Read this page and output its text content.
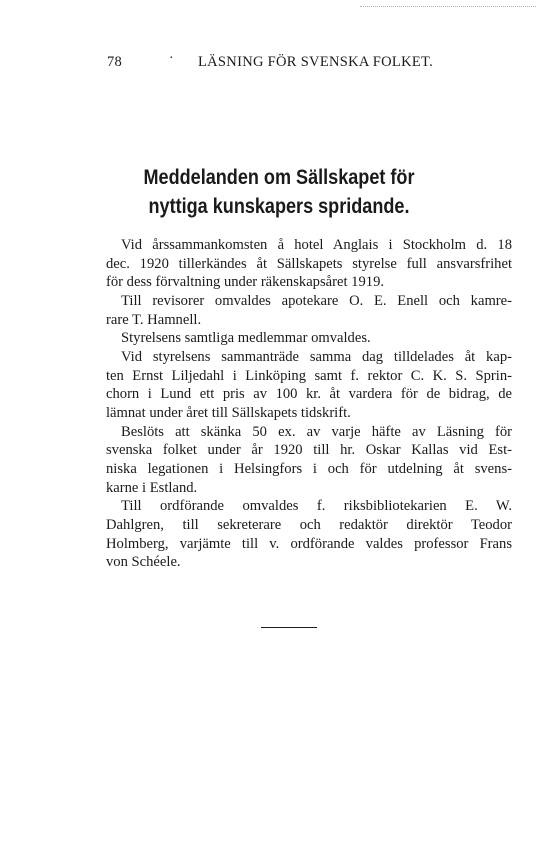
78	· LÄSNING FÖR SVENSKA FOLKET.
Meddelanden om Sällskapet för
nyttiga kunskapers spridande.
Vid årssammankomsten å hotel Anglais i Stockholm d. 18
dec. 1920 tillerkändes åt Sällskapets styrelse full ansvarsfrihet
för dess förvaltning under räkenskapsåret 1919.
Till revisorer omvaldes apotekare O. E. Enell och kamre-
rare T. Hamnell.
Styrelsens samtliga medlemmar omvaldes.
Vid styrelsens sammanträde samma dag tilldelades åt kap-
ten Ernst Liljedahl i Linköping samt f. rektor C. K. S. Sprin-
chorn i Lund ett pris av 100 kr. åt vardera för de bidrag, de
lämnat under året till Sällskapets tidskrift.
Beslöts att skänka 50 ex. av varje häfte av Läsning för
svenska folket under år 1920 till hr. Oskar Kallas vid Est-
niska legationen i Helsingfors i och för utdelning åt svens-
karne i Estland.
Till ordförande omvaldes f. riksbibliotekarien E. W.
Dahlgren, till sekreterare och redaktör direktör Teodor
Holmberg, varjämte till v. ordförande valdes professor Frans
von Schéele.
